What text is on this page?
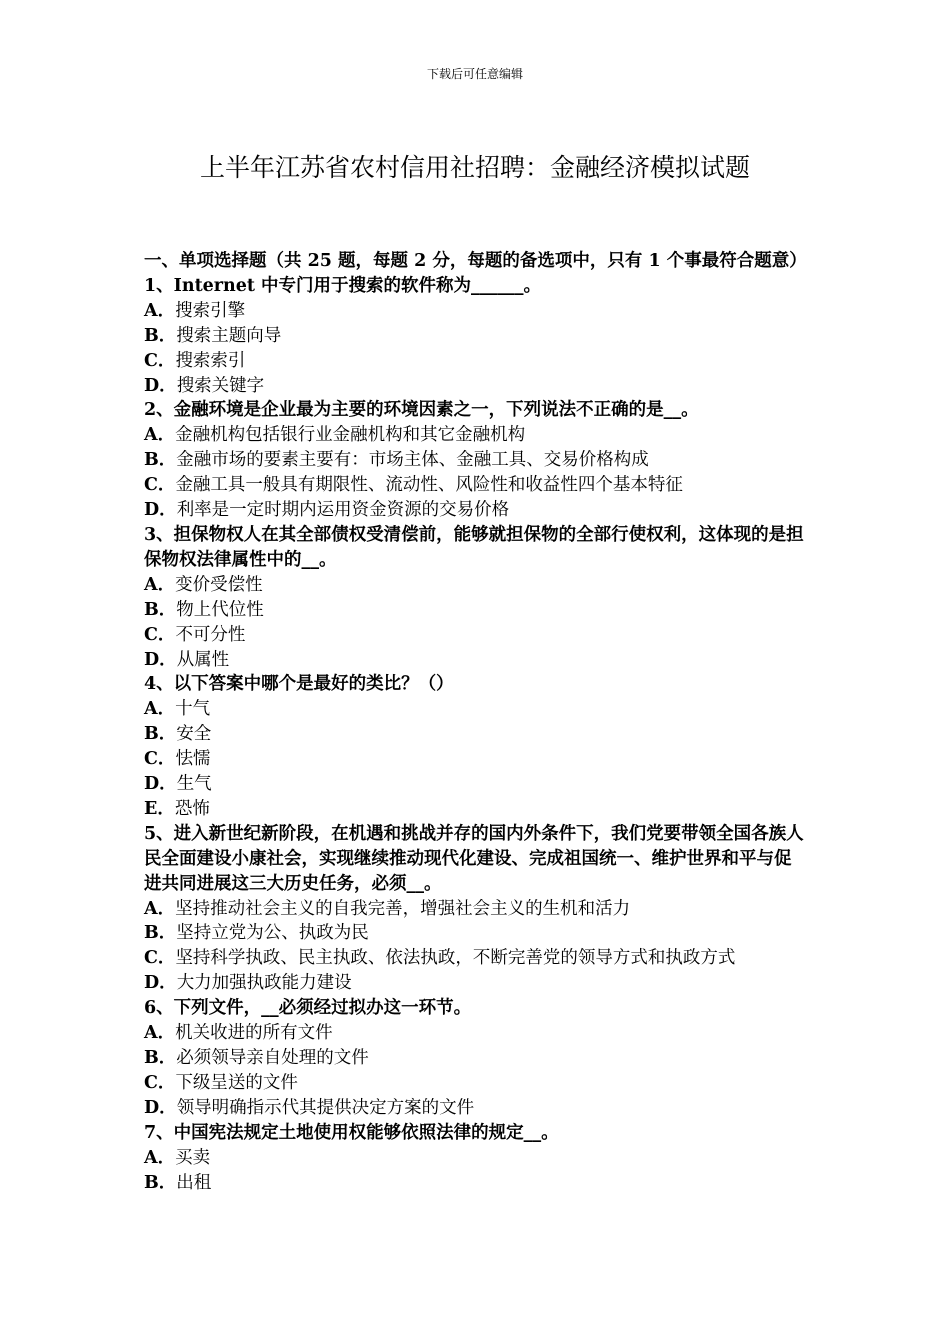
下载后可任意编辑
上半年江苏省农村信用社招聘：金融经济模拟试题

一、单项选择题（共 25 题，每题 2 分，每题的备选项中，只有 1 个事最符合题意）

1、Internet 中专门用于搜索的软件称为______。

A．搜索引擎

B．搜索主题向导

C．搜索索引

D．搜索关键字

2、金融环境是企业最为主要的环境因素之一，下列说法不正确的是__。

A．金融机构包括银行业金融机构和其它金融机构

B．金融市场的要素主要有：市场主体、金融工具、交易价格构成

C．金融工具一般具有期限性、流动性、风险性和收益性四个基本特征

D．利率是一定时期内运用资金资源的交易价格

3、担保物权人在其全部债权受清偿前，能够就担保物的全部行使权利，这体现的是担保物权法律属性中的__。

A．变价受偿性

B．物上代位性

C．不可分性

D．从属性

4、以下答案中哪个是最好的类比？（）

A．十气

B．安全

C．怯懦

D．生气

E．恐怖

5、进入新世纪新阶段，在机遇和挑战并存的国内外条件下，我们党要带领全国各族人民全面建设小康社会，实现继续推动现代化建设、完成祖国统一、维护世界和平与促进共同进展这三大历史任务，必须__。

A．坚持推动社会主义的自我完善，增强社会主义的生机和活力

B．坚持立党为公、执政为民

C．坚持科学执政、民主执政、依法执政，不断完善党的领导方式和执政方式

D．大力加强执政能力建设

6、下列文件，__必须经过拟办这一环节。

A．机关收进的所有文件

B．必须领导亲自处理的文件

C．下级呈送的文件

D．领导明确指示代其提供决定方案的文件

7、中国宪法规定土地使用权能够依照法律的规定__。

A．买卖

B．出租
